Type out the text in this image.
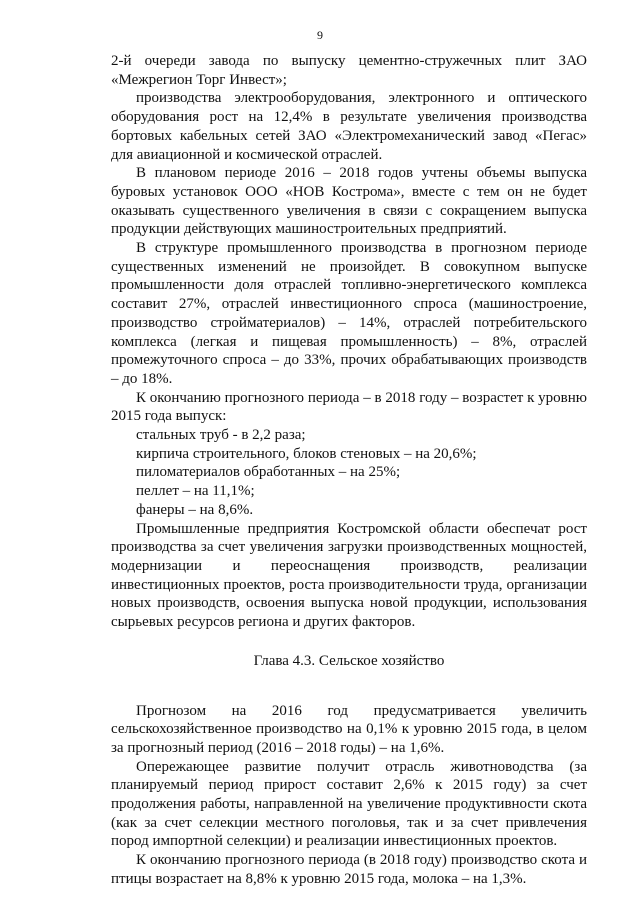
9

2-й очереди завода по выпуску цементно-стружечных плит ЗАО «Межрегион Торг Инвест»;

производства электрооборудования, электронного и оптического оборудования рост на 12,4% в результате увеличения производства бортовых кабельных сетей ЗАО «Электромеханический завод «Пегас» для авиационной и космической отраслей.

В плановом периоде 2016 – 2018 годов учтены объемы выпуска буровых установок ООО «НОВ Кострома», вместе с тем он не будет оказывать существенного увеличения в связи с сокращением выпуска продукции действующих машиностроительных предприятий.

В структуре промышленного производства в прогнозном периоде существенных изменений не произойдет. В совокупном выпуске промышленности доля отраслей топливно-энергетического комплекса составит 27%, отраслей инвестиционного спроса (машиностроение, производство стройматериалов) – 14%, отраслей потребительского комплекса (легкая и пищевая промышленность) – 8%, отраслей промежуточного спроса – до 33%, прочих обрабатывающих производств – до 18%.

К окончанию прогнозного периода – в 2018 году – возрастет к уровню 2015 года выпуск:

стальных труб - в 2,2 раза;

кирпича строительного, блоков стеновых – на 20,6%;

пиломатериалов обработанных – на 25%;

пеллет – на 11,1%;

фанеры – на 8,6%.

Промышленные предприятия Костромской области обеспечат рост производства за счет увеличения загрузки производственных мощностей, модернизации и переоснащения производств, реализации инвестиционных проектов, роста производительности труда, организации новых производств, освоения выпуска новой продукции, использования сырьевых ресурсов региона и других факторов.

Глава 4.3. Сельское хозяйство

Прогнозом на 2016 год предусматривается увеличить сельскохозяйственное производство на 0,1% к уровню 2015 года, в целом за прогнозный период (2016 – 2018 годы) – на 1,6%.

Опережающее развитие получит отрасль животноводства (за планируемый период прирост составит 2,6% к 2015 году) за счет продолжения работы, направленной на увеличение продуктивности скота (как за счет селекции местного поголовья, так и за счет привлечения пород импортной селекции) и реализации инвестиционных проектов.

К окончанию прогнозного периода (в 2018 году) производство скота и птицы возрастает на 8,8% к уровню 2015 года, молока – на 1,3%.
